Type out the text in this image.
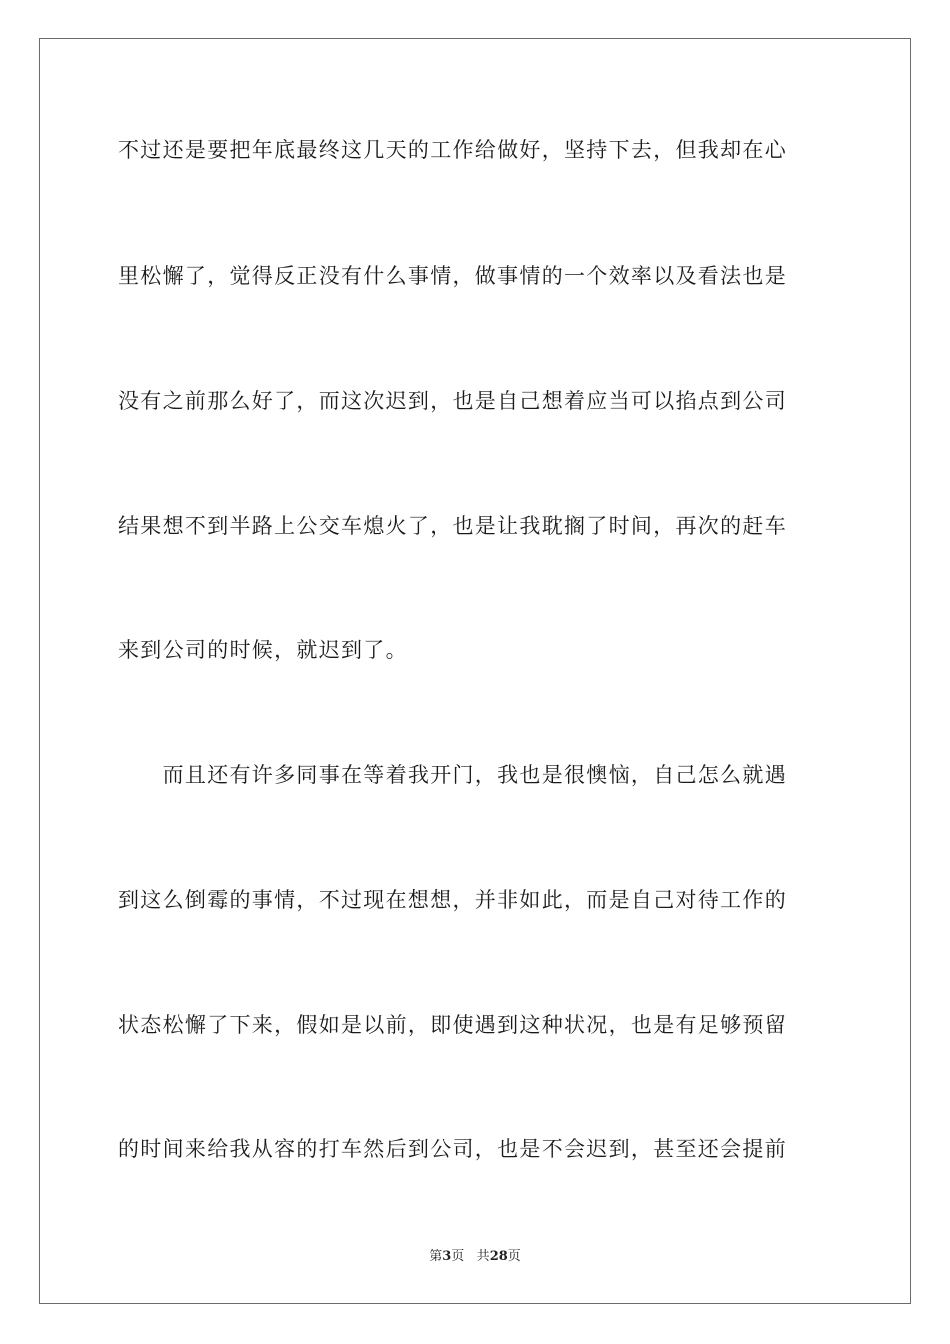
不过还是要把年底最终这几天的工作给做好，坚持下去，但我却在心
里松懈了，觉得反正没有什么事情，做事情的一个效率以及看法也是
没有之前那么好了，而这次迟到，也是自己想着应当可以掐点到公司
结果想不到半路上公交车熄火了，也是让我耽搁了时间，再次的赶车
来到公司的时候，就迟到了。
　　而且还有许多同事在等着我开门，我也是很懊恼，自己怎么就遇
到这么倒霉的事情，不过现在想想，并非如此，而是自己对待工作的
状态松懈了下来，假如是以前，即使遇到这种状况，也是有足够预留
的时间来给我从容的打车然后到公司，也是不会迟到，甚至还会提前
第3页 共28页
